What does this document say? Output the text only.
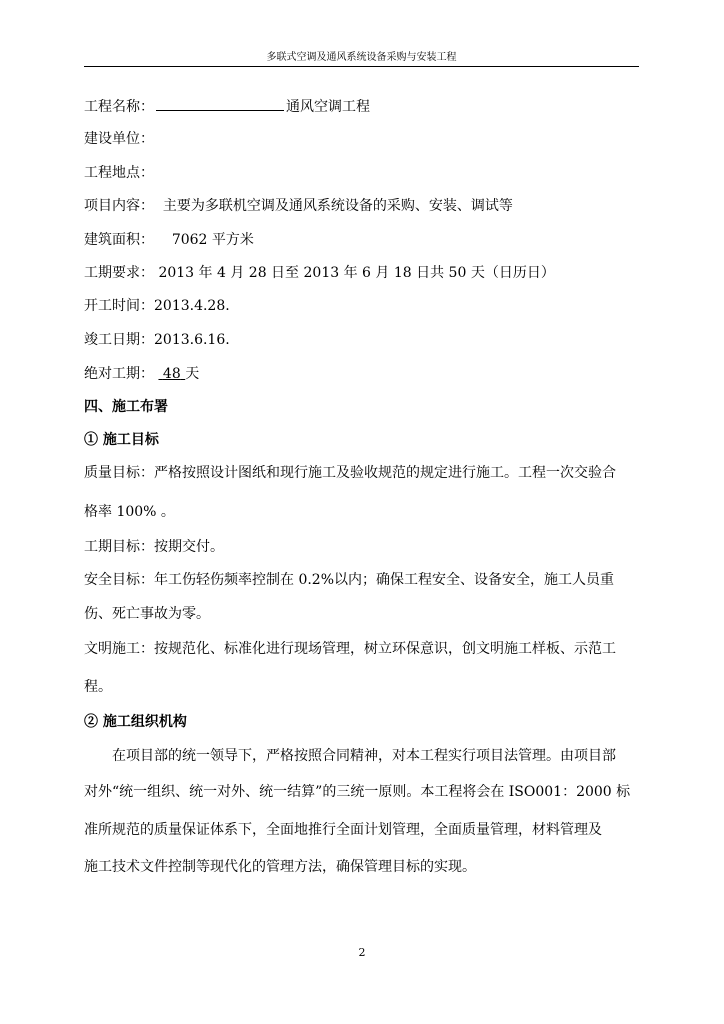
多联式空调及通风系统设备采购与安装工程
工程名称：	通风空调工程
建设单位：
工程地点：
项目内容： 主要为多联机空调及通风系统设备的采购、安装、调试等
建筑面积： 7062 平方米
工期要求： 2013 年 4 月 28 日至 2013 年 6 月 18 日共 50 天（日历日）
开工时间：2013.4.28.
竣工日期：2013.6.16.
绝对工期： 48 天
四、施工布署
① 施工目标
质量目标：严格按照设计图纸和现行施工及验收规范的规定进行施工。工程一次交验合
格率 100% 。
工期目标：按期交付。
安全目标：年工伤轻伤频率控制在 0.2%以内；确保工程安全、设备安全，施工人员重
伤、死亡事故为零。
文明施工：按规范化、标准化进行现场管理，树立环保意识，创文明施工样板、示范工
程。
② 施工组织机构
在项目部的统一领导下，严格按照合同精神，对本工程实行项目法管理。由项目部
对外“统一组织、统一对外、统一结算”的三统一原则。本工程将会在 ISO001：2000 标
准所规范的质量保证体系下，全面地推行全面计划管理，全面质量管理，材料管理及
施工技术文件控制等现代化的管理方法，确保管理目标的实现。
2
